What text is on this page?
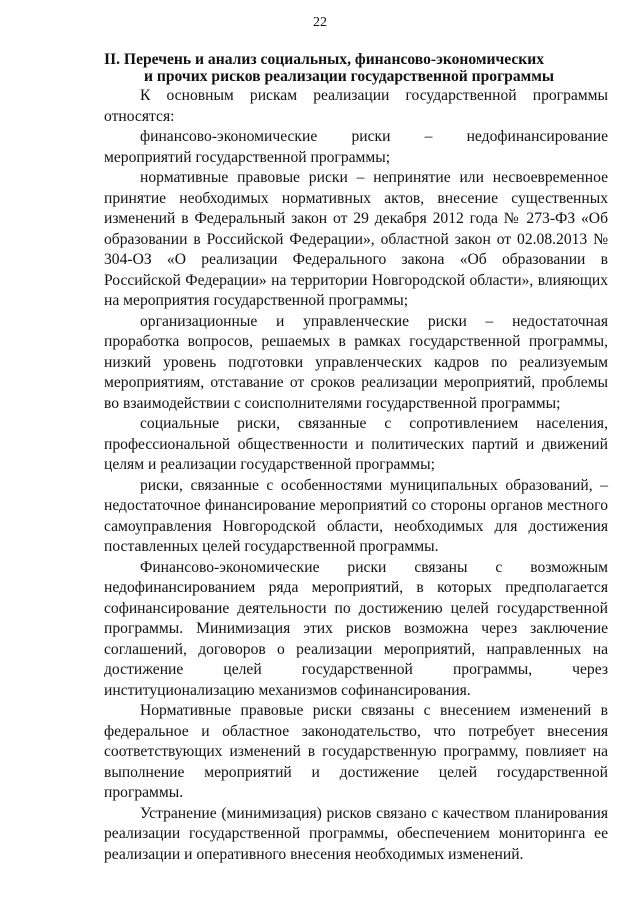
22
II. Перечень и анализ социальных, финансово-экономических
и прочих рисков реализации государственной программы

К основным рискам реализации государственной программы относятся:

финансово-экономические риски – недофинансирование мероприятий государственной программы;

нормативные правовые риски – непринятие или несвоевременное принятие необходимых нормативных актов, внесение существенных изменений в Федеральный закон от 29 декабря 2012 года № 273-ФЗ «Об образовании в Российской Федерации», областной закон от 02.08.2013 № 304-ОЗ «О реализации Федерального закона «Об образовании в Российской Федерации» на территории Новгородской области», влияющих на мероприятия государственной программы;

организационные и управленческие риски – недостаточная проработка вопросов, решаемых в рамках государственной программы, низкий уровень подготовки управленческих кадров по реализуемым мероприятиям, отставание от сроков реализации мероприятий, проблемы во взаимодействии с соисполнителями государственной программы;

социальные риски, связанные с сопротивлением населения, профессиональной общественности и политических партий и движений целям и реализации государственной программы;

риски, связанные с особенностями муниципальных образований, – недостаточное финансирование мероприятий со стороны органов местного самоуправления Новгородской области, необходимых для достижения поставленных целей государственной программы.

Финансово-экономические риски связаны с возможным недофинансированием ряда мероприятий, в которых предполагается софинансирование деятельности по достижению целей государственной программы. Минимизация этих рисков возможна через заключение соглашений, договоров о реализации мероприятий, направленных на достижение целей государственной программы, через институционализацию механизмов софинансирования.

Нормативные правовые риски связаны с внесением изменений в федеральное и областное законодательство, что потребует внесения соответствующих изменений в государственную программу, повлияет на выполнение мероприятий и достижение целей государственной программы.

Устранение (минимизация) рисков связано с качеством планирования реализации государственной программы, обеспечением мониторинга ее реализации и оперативного внесения необходимых изменений.
